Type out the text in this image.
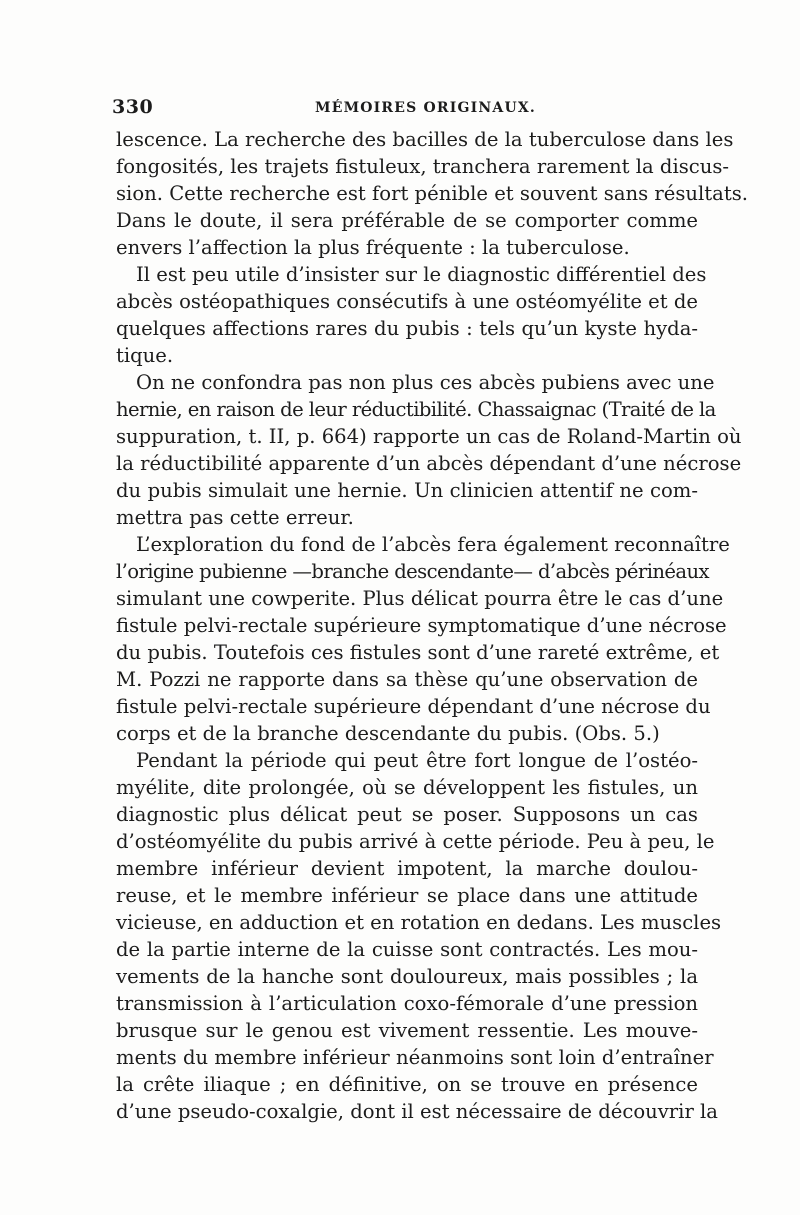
330	MÉMOIRES ORIGINAUX.
lescence. La recherche des bacilles de la tuberculose dans les
fongosités, les trajets fistuleux, tranchera rarement la discus-
sion. Cette recherche est fort pénible et souvent sans résultats.
Dans le doute, il sera préférable de se comporter comme
envers l’affection la plus fréquente : la tuberculose.
Il est peu utile d’insister sur le diagnostic différentiel des
abcès ostéopathiques consécutifs à une ostéomyélite et de
quelques affections rares du pubis : tels qu’un kyste hyda-
tique.
On ne confondra pas non plus ces abcès pubiens avec une
hernie, en raison de leur réductibilité. Chassaignac (Traité de la
suppuration, t. II, p. 664) rapporte un cas de Roland-Martin où
la réductibilité apparente d’un abcès dépendant d’une nécrose
du pubis simulait une hernie. Un clinicien attentif ne com-
mettra pas cette erreur.
L’exploration du fond de l’abcès fera également reconnaître
l’origine pubienne —branche descendante— d’abcès périnéaux
simulant une cowperite. Plus délicat pourra être le cas d’une
fistule pelvi-rectale supérieure symptomatique d’une nécrose
du pubis. Toutefois ces fistules sont d’une rareté extrême, et
M. Pozzi ne rapporte dans sa thèse qu’une observation de
fistule pelvi-rectale supérieure dépendant d’une nécrose du
corps et de la branche descendante du pubis. (Obs. 5.)
Pendant la période qui peut être fort longue de l’ostéo-
myélite, dite prolongée, où se développent les fistules, un
diagnostic plus délicat peut se poser. Supposons un cas
d’ostéomyélite du pubis arrivé à cette période. Peu à peu, le
membre inférieur devient impotent, la marche doulou-
reuse, et le membre inférieur se place dans une attitude
vicieuse, en adduction et en rotation en dedans. Les muscles
de la partie interne de la cuisse sont contractés. Les mou-
vements de la hanche sont douloureux, mais possibles ; la
transmission à l’articulation coxo-fémorale d’une pression
brusque sur le genou est vivement ressentie. Les mouve-
ments du membre inférieur néanmoins sont loin d’entraîner
la crête iliaque ; en définitive, on se trouve en présence
d’une pseudo-coxalgie, dont il est nécessaire de découvrir la
